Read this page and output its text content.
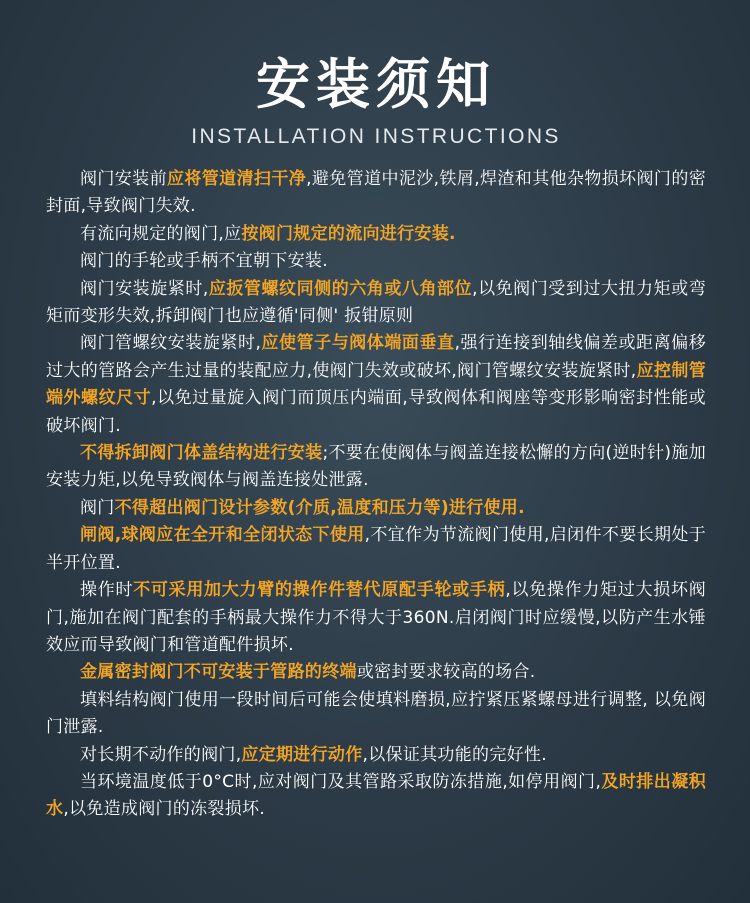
安装须知
INSTALLATION INSTRUCTIONS

阀门安装前应将管道清扫干净,避免管道中泥沙,铁屑,焊渣和其他杂物损坏阀门的密封面,导致阀门失效.

有流向规定的阀门,应按阀门规定的流向进行安装.

阀门的手轮或手柄不宜朝下安装.

阀门安装旋紧时,应扳管螺纹同侧的六角或八角部位,以免阀门受到过大扭力矩或弯矩而变形失效,拆卸阀门也应遵循'同侧' 扳钳原则

阀门管螺纹安装旋紧时,应使管子与阀体端面垂直,强行连接到轴线偏差或距离偏移过大的管路会产生过量的装配应力,使阀门失效或破坏,阀门管螺纹安装旋紧时,应控制管端外螺纹尺寸,以免过量旋入阀门而顶压内端面,导致阀体和阀座等变形影响密封性能或破坏阀门.

不得拆卸阀门体盖结构进行安装;不要在使阀体与阀盖连接松懈的方向(逆时针)施加安装力矩,以免导致阀体与阀盖连接处泄露.

阀门不得超出阀门设计参数(介质,温度和压力等)进行使用.

闸阀,球阀应在全开和全闭状态下使用,不宜作为节流阀门使用,启闭件不要长期处于半开位置.

操作时不可采用加大力臂的操作件替代原配手轮或手柄,以免操作力矩过大损坏阀门,施加在阀门配套的手柄最大操作力不得大于360N.启闭阀门时应缓慢,以防产生水锤效应而导致阀门和管道配件损坏.

金属密封阀门不可安装于管路的终端或密封要求较高的场合.

填料结构阀门使用一段时间后可能会使填料磨损,应拧紧压紧螺母进行调整, 以免阀门泄露.

对长期不动作的阀门,应定期进行动作,以保证其功能的完好性.

当环境温度低于0°C时,应对阀门及其管路采取防冻措施,如停用阀门,及时排出凝积水,以免造成阀门的冻裂损坏.
